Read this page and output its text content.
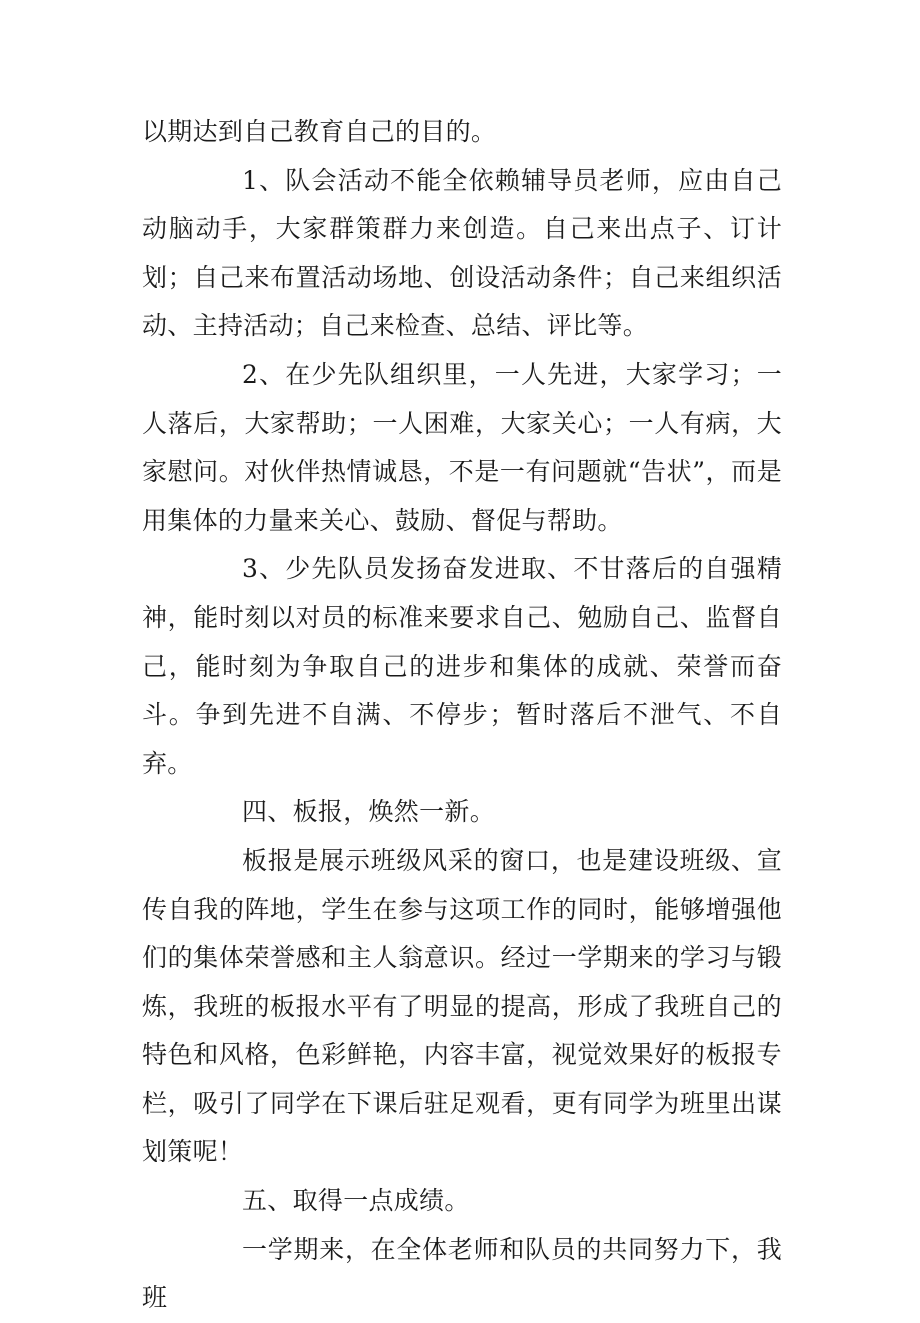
以期达到自己教育自己的目的。

1、队会活动不能全依赖辅导员老师，应由自己动脑动手，大家群策群力来创造。自己来出点子、订计划；自己来布置活动场地、创设活动条件；自己来组织活动、主持活动；自己来检查、总结、评比等。

2、在少先队组织里，一人先进，大家学习；一人落后，大家帮助；一人困难，大家关心；一人有病，大家慰问。对伙伴热情诚恳，不是一有问题就“告状”，而是用集体的力量来关心、鼓励、督促与帮助。

3、少先队员发扬奋发进取、不甘落后的自强精神，能时刻以对员的标准来要求自己、勉励自己、监督自己，能时刻为争取自己的进步和集体的成就、荣誉而奋斗。争到先进不自满、不停步；暂时落后不泄气、不自弃。

四、板报，焕然一新。

板报是展示班级风采的窗口，也是建设班级、宣传自我的阵地，学生在参与这项工作的同时，能够增强他们的集体荣誉感和主人翁意识。经过一学期来的学习与锻炼，我班的板报水平有了明显的提高，形成了我班自己的特色和风格，色彩鲜艳，内容丰富，视觉效果好的板报专栏，吸引了同学在下课后驻足观看，更有同学为班里出谋划策呢！

五、取得一点成绩。

一学期来，在全体老师和队员的共同努力下，我班
